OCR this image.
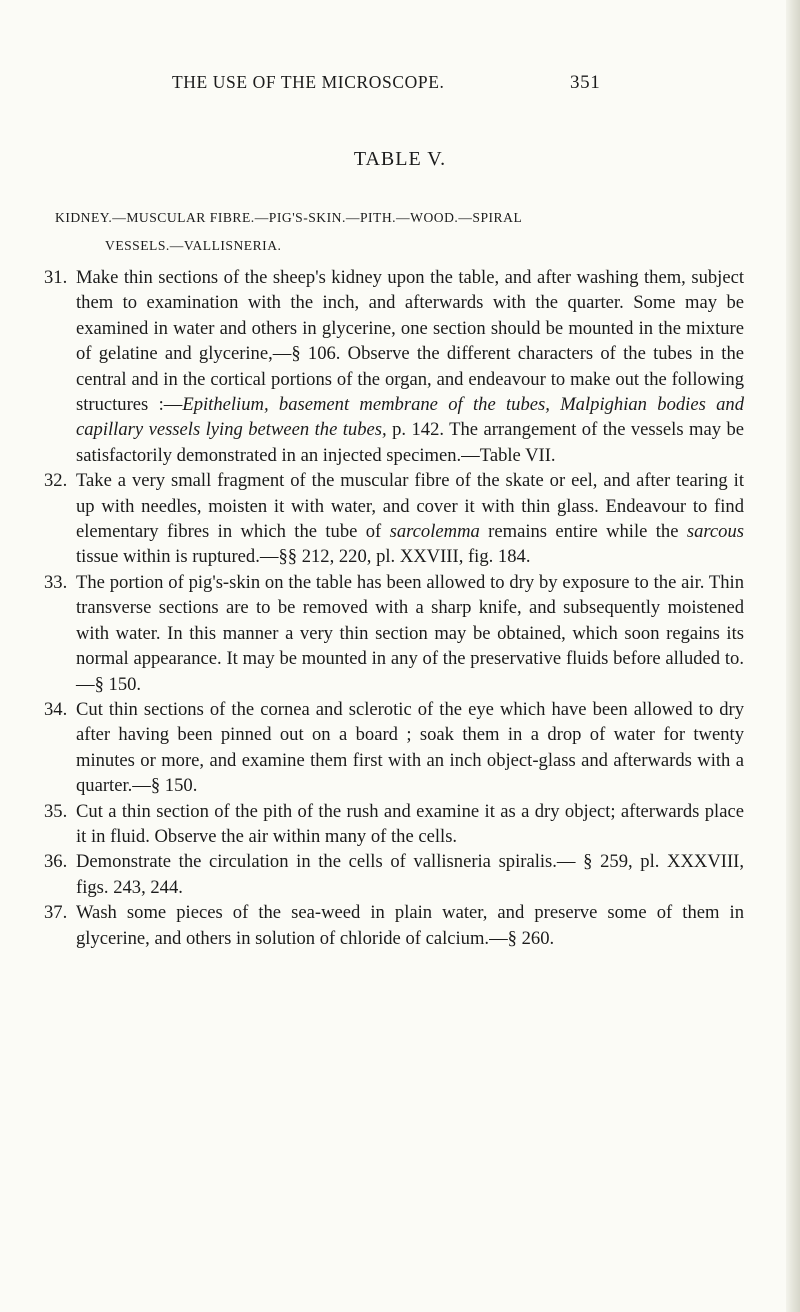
THE USE OF THE MICROSCOPE.	351
TABLE V.
KIDNEY.—MUSCULAR FIBRE.—PIG'S-SKIN.—PITH.—WOOD.—SPIRAL
VESSELS.—VALLISNERIA.
31. Make thin sections of the sheep's kidney upon the table, and after washing them, subject them to examination with the inch, and afterwards with the quarter. Some may be examined in water and others in glycerine, one section should be mounted in the mixture of gelatine and glycerine,—§ 106. Observe the different characters of the tubes in the central and in the cortical portions of the organ, and endeavour to make out the following structures :—Epithelium, basement membrane of the tubes, Malpighian bodies and capillary vessels lying between the tubes, p. 142. The arrangement of the vessels may be satisfactorily demonstrated in an injected specimen.—Table VII.

32. Take a very small fragment of the muscular fibre of the skate or eel, and after tearing it up with needles, moisten it with water, and cover it with thin glass. Endeavour to find elementary fibres in which the tube of sarcolemma remains entire while the sarcous tissue within is ruptured.—§§ 212, 220, pl. XXVIII, fig. 184.

33. The portion of pig's-skin on the table has been allowed to dry by exposure to the air. Thin transverse sections are to be removed with a sharp knife, and subsequently moistened with water. In this manner a very thin section may be obtained, which soon regains its normal appearance. It may be mounted in any of the preservative fluids before alluded to.—§ 150.

34. Cut thin sections of the cornea and sclerotic of the eye which have been allowed to dry after having been pinned out on a board ; soak them in a drop of water for twenty minutes or more, and examine them first with an inch object-glass and afterwards with a quarter.—§ 150.

35. Cut a thin section of the pith of the rush and examine it as a dry object; afterwards place it in fluid. Observe the air within many of the cells.

36. Demonstrate the circulation in the cells of vallisneria spiralis.— § 259, pl. XXXVIII, figs. 243, 244.

37. Wash some pieces of the sea-weed in plain water, and preserve some of them in glycerine, and others in solution of chloride of calcium.—§ 260.
